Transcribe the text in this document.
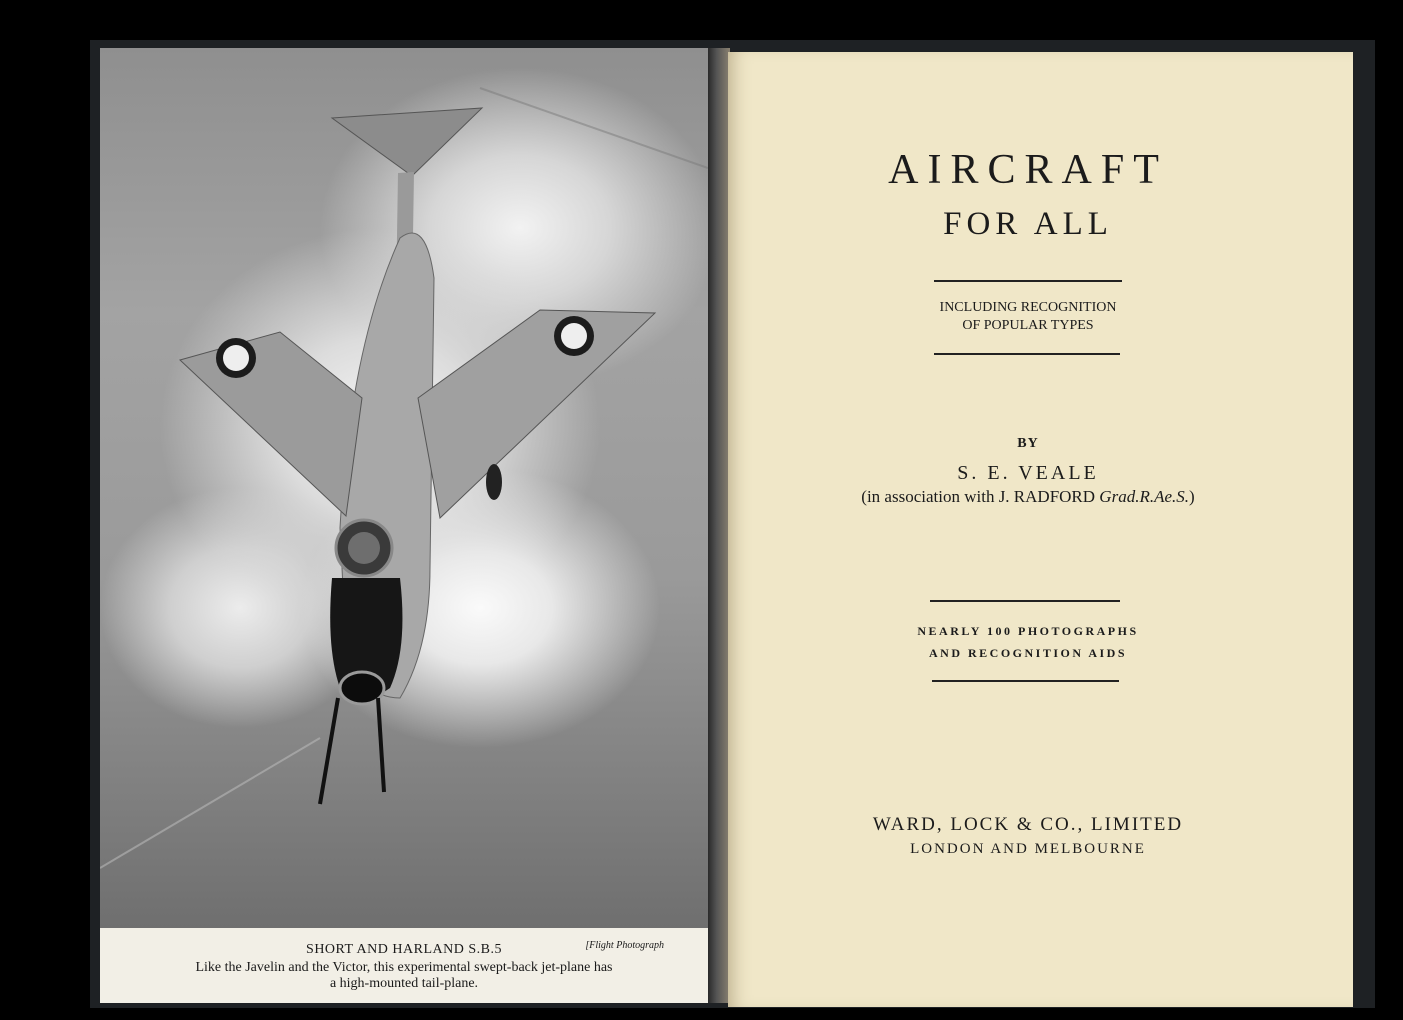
SHORT AND HARLAND S.B.5	[Flight Photograph
Like the Javelin and the Victor, this experimental swept-back jet-plane has
a high-mounted tail-plane.
AIRCRAFT
FOR ALL
INCLUDING RECOGNITION
OF POPULAR TYPES
BY
S. E. VEALE
(in association with J. RADFORD Grad.R.Ae.S.)
NEARLY 100 PHOTOGRAPHS
AND RECOGNITION AIDS
WARD, LOCK & CO., LIMITED
LONDON AND MELBOURNE
